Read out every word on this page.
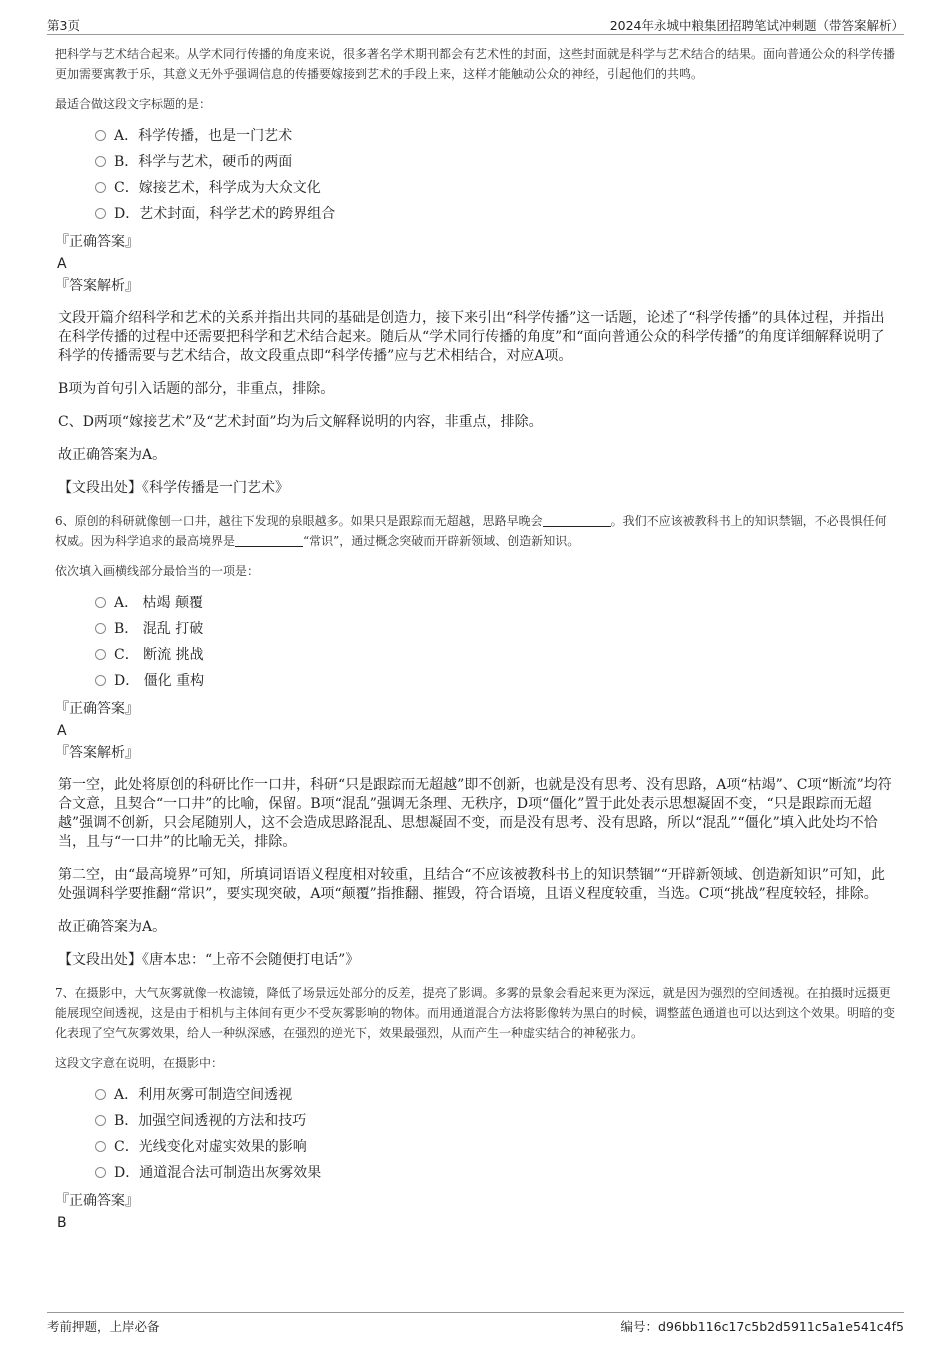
第3页	2024年永城中粮集团招聘笔试冲刺题（带答案解析）

把科学与艺术结合起来。从学术同行传播的角度来说，很多著名学术期刊都会有艺术性的封面，这些封面就是科学与艺术结合的结果。面向普通公众的科学传播更加需要寓教于乐，其意义无外乎强调信息的传播要嫁接到艺术的手段上来，这样才能触动公众的神经，引起他们的共鸣。

最适合做这段文字标题的是：

A．科学传播，也是一门艺术
B．科学与艺术，硬币的两面
C．嫁接艺术，科学成为大众文化
D．艺术封面，科学艺术的跨界组合

『正确答案』

A

『答案解析』

文段开篇介绍科学和艺术的关系并指出共同的基础是创造力，接下来引出“科学传播”这一话题，论述了“科学传播”的具体过程，并指出在科学传播的过程中还需要把科学和艺术结合起来。随后从“学术同行传播的角度”和“面向普通公众的科学传播”的角度详细解释说明了科学的传播需要与艺术结合，故文段重点即“科学传播”应与艺术相结合，对应A项。

B项为首句引入话题的部分，非重点，排除。

C、D两项“嫁接艺术”及“艺术封面”均为后文解释说明的内容，非重点，排除。

故正确答案为A。

【文段出处】《科学传播是一门艺术》

6、原创的科研就像刨一口井，越往下发现的泉眼越多。如果只是跟踪而无超越，思路早晚会	。我们不应该被教科书上的知识禁锢，不必畏惧任何权威。因为科学追求的最高境界是	“常识”，通过概念突破而开辟新领域、创造新知识。

依次填入画横线部分最恰当的一项是：

A． 枯竭 颠覆
B． 混乱 打破
C． 断流 挑战
D． 僵化 重构

『正确答案』

A

『答案解析』

第一空，此处将原创的科研比作一口井，科研“只是跟踪而无超越”即不创新，也就是没有思考、没有思路，A项“枯竭”、C项“断流”均符合文意，且契合“一口井”的比喻，保留。B项“混乱”强调无条理、无秩序，D项“僵化”置于此处表示思想凝固不变，“只是跟踪而无超越”强调不创新，只会尾随别人，这不会造成思路混乱、思想凝固不变，而是没有思考、没有思路，所以“混乱”“僵化”填入此处均不恰当，且与“一口井”的比喻无关，排除。

第二空，由“最高境界”可知，所填词语语义程度相对较重，且结合“不应该被教科书上的知识禁锢”“开辟新领域、创造新知识”可知，此处强调科学要推翻“常识”，要实现突破，A项“颠覆”指推翻、摧毁，符合语境，且语义程度较重，当选。C项“挑战”程度较轻，排除。

故正确答案为A。

【文段出处】《唐本忠：“上帝不会随便打电话”》

7、在摄影中，大气灰雾就像一枚滤镜，降低了场景远处部分的反差，提亮了影调。多雾的景象会看起来更为深远，就是因为强烈的空间透视。在拍摄时远摄更能展现空间透视，这是由于相机与主体间有更少不受灰雾影响的物体。而用通道混合方法将影像转为黑白的时候，调整蓝色通道也可以达到这个效果。明暗的变化表现了空气灰雾效果，给人一种纵深感，在强烈的逆光下，效果最强烈，从而产生一种虚实结合的神秘张力。

这段文字意在说明，在摄影中：

A．利用灰雾可制造空间透视
B．加强空间透视的方法和技巧
C．光线变化对虚实效果的影响
D．通道混合法可制造出灰雾效果

『正确答案』

B

考前押题，上岸必备	编号：d96bb116c17c5b2d5911c5a1e541c4f5
